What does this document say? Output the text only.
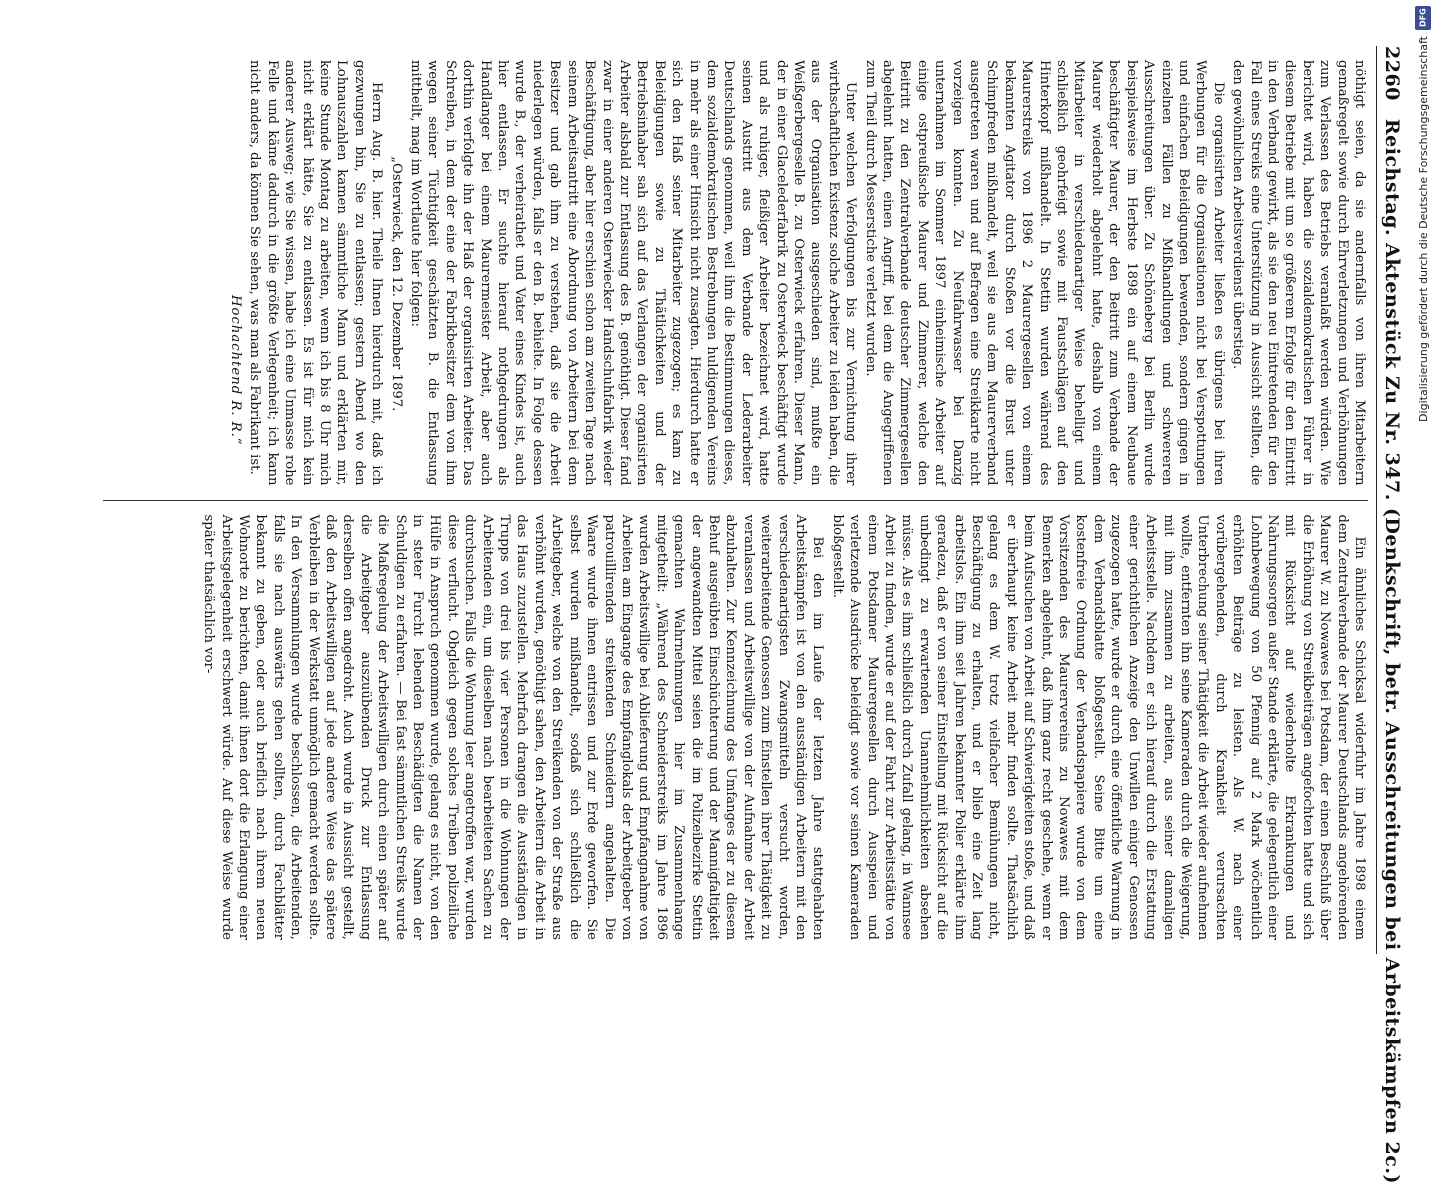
2260
Reichstag. Aktenstück Zu Nr. 347. (Denkschrift, betr. Ausschreitungen bei Arbeitskämpfen 2c.)

nöthigt seien, da sie andernfalls von ihren Mitarbeitern gemaßregelt sowie durch Ehrverletzungen und Verhöhnungen zum Verlassen des Betriebs veranlaßt werden würden. Wie berichtet wird, haben die sozialdemokratischen Führer in diesem Betriebe mit um so größerem Erfolge für den Eintritt in den Verband gewirkt, als sie den neu Eintretenden für den Fall eines Streiks eine Unterstützung in Aussicht stellten, die den gewöhnlichen Arbeitsverdienst überstieg.

Die organisirten Arbeiter ließen es übrigens bei ihren Werbungen für die Organisationen nicht bei Verspottungen und einfachen Beleidigungen bewenden, sondern gingen in einzelnen Fällen zu Mißhandlungen und schwereren Ausschreitungen über. Zu Schöneberg bei Berlin wurde beispielsweise im Herbste 1898 ein auf einem Neubaue beschäftigter Maurer, der den Beitritt zum Verbande der Maurer wiederholt abgelehnt hatte, deshalb von einem Mitarbeiter in verschiedenartiger Weise behelligt und schließlich geohrfeigt sowie mit Faustschlägen auf den Hinterkopf mißhandelt. In Stettin wurden während des Maurerstreiks von 1896 2 Maurergesellen von einem bekannten Agitator durch Stoßen vor die Brust unter Schimpfreden mißhandelt, weil sie aus dem Maurerverband ausgetreten waren und auf Befragen eine Streikkarte nicht vorzeigen konnten. Zu Neufahrwasser bei Danzig unternahmen im Sommer 1897 einheimische Arbeiter auf einige ostpreußische Maurer und Zimmerer, welche den Beitritt zu den Zentralverbande deutscher Zimmergesellen abgelehnt hatten, einen Angriff, bei dem die Angegriffenen zum Theil durch Messerstiche verletzt wurden.

Unter welchen Verfolgungen bis zur Vernichtung ihrer wirthschaftlichen Existenz solche Arbeiter zu leiden haben, die aus der Organisation ausgeschieden sind, mußte ein Weißgerbergeselle B. zu Osterwieck erfahren. Dieser Mann, der in einer Glacelederfabrik zu Osterwieck beschäftigt wurde und als ruhiger, fleißiger Arbeiter bezeichnet wird, hatte seinen Austritt aus dem Verbande der Lederarbeiter Deutschlands genommen, weil ihm die Bestimmungen dieses, dem sozialdemokratischen Bestrebungen huldigenden Vereins in mehr als einer Hinsicht nicht zusagten. Hierdurch hatte er sich den Haß seiner Mitarbeiter zugezogen; es kam zu Beleidigungen sowie zu Thätlichkeiten und der Betriebsinhaber sah sich auf das Verlangen der organisirten Arbeiter alsbald zur Entlassung des B. genöthigt. Dieser fand zwar in einer anderen Osterwiecker Handschuhfabrik wieder Beschäftigung, aber hier erschien schon am zweiten Tage nach seinem Arbeitsantritt eine Abordnung von Arbeitern bei dem Besitzer und gab ihm zu verstehen, daß sie die Arbeit niederlegen würden, falls er den B. behielte. In Folge dessen wurde B., der verheirathet und Vater eines Kindes ist, auch hier entlassen. Er suchte hierauf nothgedrungen als Handlanger bei einem Maurermeister Arbeit, aber auch dorthin verfolgte ihn der Haß der organisirten Arbeiter. Das Schreiben, in dem der eine der Fabrikbesitzer dem von ihm wegen seiner Tüchtigkeit geschätzten B. die Entlassung mittheilt, mag im Wortlaute hier folgen:

„Osterwieck, den 12. Dezember 1897.

Herrn Aug. B. hier. Theile Ihnen hierdurch mit, daß ich gezwungen bin, Sie zu entlassen; gestern Abend wo den Lohnauszahlen kamen sämmtliche Mann und erklärten mir, keine Stunde Montag zu arbeiten, wenn ich bis 8 Uhr mich nicht erklärt hätte, Sie zu entlassen. Es ist für mich kein anderer Ausweg; wie Sie wissen, habe ich eine Unmasse rohe Felle und käme dadurch in die größte Verlegenheit; ich kann nicht anders, da können Sie sehen, was man als Fabrikant ist.

Hochachtend R. R.“

Ein ähnliches Schicksal widerfuhr im Jahre 1898 einem dem Zentralverbande der Maurer Deutschlands angehörenden Maurer W. zu Nowawes bei Potsdam, der einen Beschluß über die Erhöhung von Streikbeiträgen angefochten hatte und sich mit Rücksicht auf wiederholte Erkrankungen und Nahrungssorgen außer Stande erklärte, die gelegentlich einer Lohnbewegung von 50 Pfennig auf 2 Mark wöchentlich erhöhten Beiträge zu leisten. Als W. nach einer vorübergehenden, durch Krankheit verursachten Unterbrechung seiner Thätigkeit die Arbeit wieder aufnehmen wollte, entfernten ihn seine Kameraden durch die Weigerung, mit ihm zusammen zu arbeiten, aus seiner damaligen Arbeitsstelle. Nachdem er sich hierauf durch die Erstattung einer gerichtlichen Anzeige den Unwillen einiger Genossen zugezogen hatte, wurde er durch eine öffentliche Warnung in dem Verbandsblatte bloßgestellt. Seine Bitte um eine kostenfreie Ordnung der Verbandspapiere wurde von dem Vorsitzenden des Maurervereins zu Nowawes mit dem Bemerken abgelehnt, daß ihm ganz recht geschehe, wenn er beim Aufsuchen von Arbeit auf Schwierigkeiten stoße, und daß er überhaupt keine Arbeit mehr finden sollte. Thatsächlich gelang es dem W. trotz vielfacher Bemühungen nicht, Beschäftigung zu erhalten, und er blieb eine Zeit lang arbeitslos. Ein ihm seit Jahren bekannter Polier erklärte ihm geradezu, daß er von seiner Einstellung mit Rücksicht auf die unbedingt zu erwartenden Unannehmlichkeiten absehen müsse. Als es ihm schließlich durch Zufall gelang, in Wannsee Arbeit zu finden, wurde er auf der Fahrt zur Arbeitsstätte von einem Potsdamer Maurergesellen durch Ausspeien und verletzende Ausdrücke beleidigt sowie vor seinen Kameraden bloßgestellt.

Bei den im Laufe der letzten Jahre stattgehabten Arbeitskämpfen ist von den ausständigen Arbeitern mit den verschiedenartigsten Zwangsmitteln versucht worden, weiterarbeitende Genossen zum Einstellen ihrer Thätigkeit zu veranlassen und Arbeitswillige von der Aufnahme der Arbeit abzuhalten. Zur Kennzeichnung des Umfanges der zu diesem Behuf ausgeübten Einschüchterung und der Mannigfaltigkeit der angewandten Mittel seien die im Polizeibezirke Stettin gemachten Wahrnehmungen hier im Zusammenhange mitgetheilt: „Während des Schneiderstreiks im Jahre 1896 wurden Arbeitswillige bei Ablieferung und Empfangnahme von Arbeiten am Eingange des Empfanglokals der Arbeitgeber von patrouillirenden streikenden Schneidern angehalten. Die Waare wurde ihnen entrissen und zur Erde geworfen. Sie selbst wurden mißhandelt, sodaß sich schließlich die Arbeitgeber, welche von den Streikenden von der Straße aus verhöhnt wurden, genöthigt sahen, den Arbeitern die Arbeit in das Haus zuzustellen. Mehrfach drangen die Ausständigen in Trupps von drei bis vier Personen in die Wohnungen der Arbeitenden ein, um dieselben nach bearbeiteten Sachen zu durchsuchen. Falls die Wohnung leer angetroffen war, wurden diese verflucht. Obgleich gegen solches Treiben polizeiliche Hülfe in Anspruch genommen wurde, gelang es nicht, von den in steter Furcht lebenden Beschädigten die Namen der Schuldigen zu erfahren. — Bei fast sämmtlichen Streiks wurde die Maßregelung der Arbeitswilligen durch einen später auf die Arbeitgeber auszuübenden Druck zur Entlassung derselben offen angedroht. Auch wurde in Aussicht gestellt, daß den Arbeitswilligen auf jede andere Weise das spätere Verbleiben in der Werkstatt unmöglich gemacht werden sollte. In den Versammlungen wurde beschlossen, die Arbeitenden, falls sie nach auswärts gehen sollten, durch Fachblätter bekannt zu geben, oder auch brieflich nach ihrem neuen Wohnorte zu berichten, damit ihnen dort die Erlangung einer Arbeitsgelegenheit erschwert würde. Auf diese Weise wurde später thatsächlich vor-

DFG
Digitalisierung gefördert durch die Deutsche Forschungsgemeinschaft
